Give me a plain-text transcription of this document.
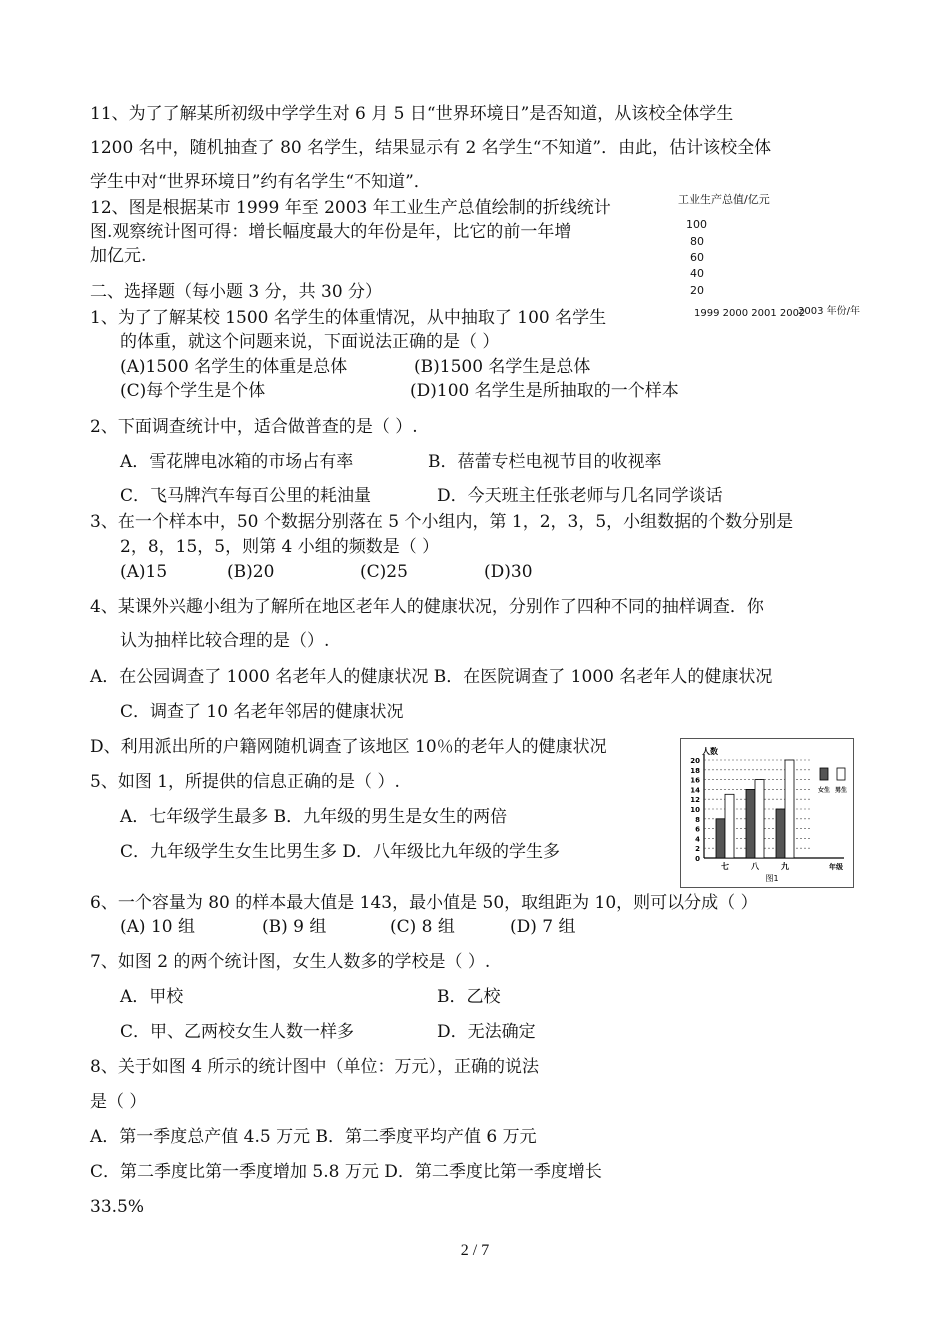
11、为了了解某所初级中学学生对 6 月 5 日“世界环境日”是否知道，从该校全体学生
1200 名中，随机抽查了 80 名学生，结果显示有 2 名学生“不知道”．由此，估计该校全体
学生中对“世界环境日”约有名学生“不知道”．
12、图是根据某市 1999 年至 2003 年工业生产总值绘制的折线统计
图.观察统计图可得：增长幅度最大的年份是年，比它的前一年增
加亿元.
二、选择题（每小题 3 分，共 30 分）
1、为了了解某校 1500 名学生的体重情况，从中抽取了 100 名学生
的体重，就这个问题来说，下面说法正确的是（ ）
(A)1500 名学生的体重是总体	(B)1500 名学生是总体
(C)每个学生是个体	(D)100 名学生是所抽取的一个样本
2、下面调查统计中，适合做普查的是（ ）.
A．雪花牌电冰箱的市场占有率	B．蓓蕾专栏电视节目的收视率
C．飞马牌汽车每百公里的耗油量	D．今天班主任张老师与几名同学谈话
3、在一个样本中，50 个数据分别落在 5 个小组内，第 1，2，3，5，小组数据的个数分别是
2，8，15，5，则第 4 小组的频数是（ ）
(A)15	(B)20	(C)25	(D)30
4、某课外兴趣小组为了解所在地区老年人的健康状况，分别作了四种不同的抽样调查．你
认为抽样比较合理的是（）.
A．在公园调查了 1000 名老年人的健康状况 B．在医院调查了 1000 名老年人的健康状况
C．调查了 10 名老年邻居的健康状况
D、利用派出所的户籍网随机调查了该地区 10％的老年人的健康状况
5、如图 1，所提供的信息正确的是（ ）.
A．七年级学生最多 B．九年级的男生是女生的两倍
C．九年级学生女生比男生多 D．八年级比九年级的学生多
6、一个容量为 80 的样本最大值是 143，最小值是 50，取组距为 10，则可以分成（ ）
(A) 10 组	(B) 9 组	(C) 8 组	(D) 7 组
7、如图 2 的两个统计图，女生人数多的学校是（ ）.
A．甲校	B．乙校
C．甲、乙两校女生人数一样多	D．无法确定
8、关于如图 4 所示的统计图中（单位：万元），正确的说法
是（ ）
A．第一季度总产值 4.5 万元 B．第二季度平均产值 6 万元
C．第二季度比第一季度增加 5.8 万元 D．第二季度比第一季度增长
33.5%
工业生产总值/亿元
100
80
60
40
20
1999 2000 2001 2002
2003 年份/年
人数
20
18
16
14
12
10
8
6
4
2
0
七	八	九	年级
女生 男生
图1
2 / 7
